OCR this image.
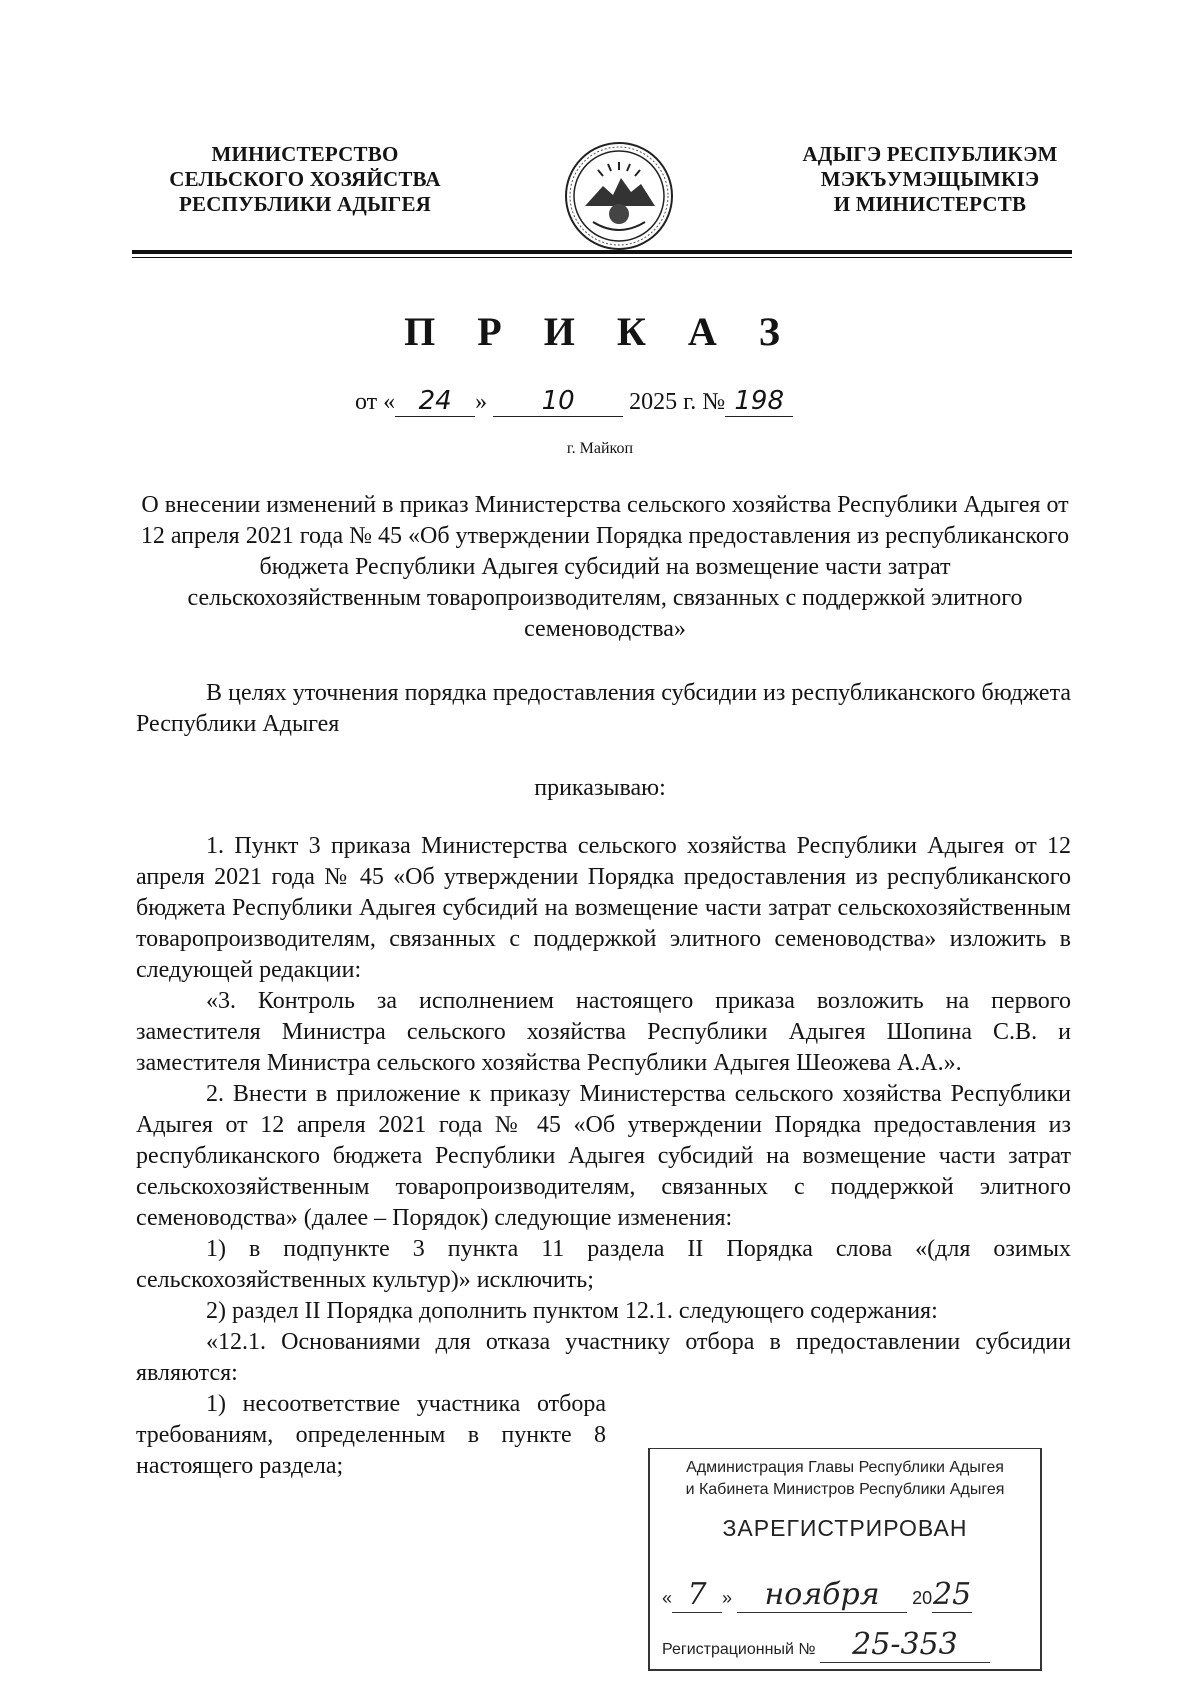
МИНИСТЕРСТВО
СЕЛЬСКОГО ХОЗЯЙСТВА
РЕСПУБЛИКИ АДЫГЕЯ
АДЫГЭ РЕСПУБЛИКЭМ
МЭКЪУМЭЩЫМКIЭ
И МИНИСТЕРСТВ
П Р И К А З
от « 24 » 10 2025 г. № 198
г. Майкоп
О внесении изменений в приказ Министерства сельского хозяйства Республики Адыгея от 12 апреля 2021 года № 45 «Об утверждении Порядка предоставления из республиканского бюджета Республики Адыгея субсидий на возмещение части затрат сельскохозяйственным товаропроизводителям, связанных с поддержкой элитного семеноводства»

В целях уточнения порядка предоставления субсидии из республиканского бюджета Республики Адыгея

приказываю:

1. Пункт 3 приказа Министерства сельского хозяйства Республики Адыгея от 12 апреля 2021 года № 45 «Об утверждении Порядка предоставления из республиканского бюджета Республики Адыгея субсидий на возмещение части затрат сельскохозяйственным товаропроизводителям, связанных с поддержкой элитного семеноводства» изложить в следующей редакции:

«3. Контроль за исполнением настоящего приказа возложить на первого заместителя Министра сельского хозяйства Республики Адыгея Шопина С.В. и заместителя Министра сельского хозяйства Республики Адыгея Шеожева А.А.».

2. Внести в приложение к приказу Министерства сельского хозяйства Республики Адыгея от 12 апреля 2021 года № 45 «Об утверждении Порядка предоставления из республиканского бюджета Республики Адыгея субсидий на возмещение части затрат сельскохозяйственным товаропроизводителям, связанных с поддержкой элитного семеноводства» (далее – Порядок) следующие изменения:

1) в подпункте 3 пункта 11 раздела II Порядка слова «(для озимых сельскохозяйственных культур)» исключить;

2) раздел II Порядка дополнить пунктом 12.1. следующего содержания:

«12.1. Основаниями для отказа участнику отбора в предоставлении субсидии являются:

1) несоответствие участника отбора требованиям, определенным в пункте 8 настоящего раздела;	Администрация Главы Республики Адыгея
и Кабинета Министров Республики Адыгея
ЗАРЕГИСТРИРОВАН
« 7 » ноября 2025
Регистрационный № 25-353
